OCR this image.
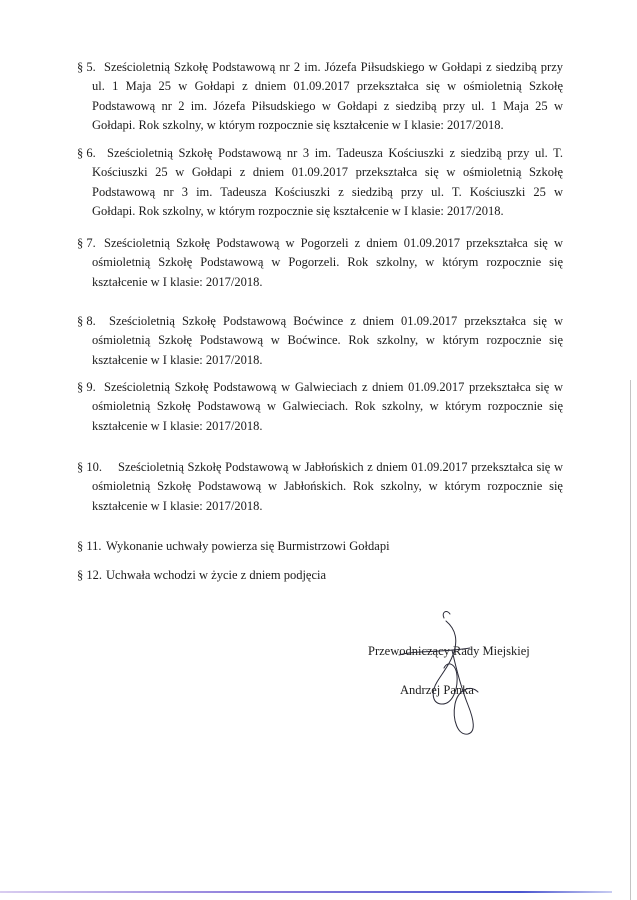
§ 5. Sześcioletnią Szkołę Podstawową nr 2 im. Józefa Piłsudskiego w Gołdapi z siedzibą przy
ul. 1 Maja 25 w Gołdapi z dniem 01.09.2017 przekształca się w ośmioletnią Szkołę
Podstawową nr 2 im. Józefa Piłsudskiego w Gołdapi z siedzibą przy ul. 1 Maja 25 w
Gołdapi. Rok szkolny, w którym rozpocznie się kształcenie w I klasie: 2017/2018.
§ 6. Sześcioletnią Szkołę Podstawową nr 3 im. Tadeusza Kościuszki z siedzibą przy ul. T.
Kościuszki 25 w Gołdapi z dniem 01.09.2017 przekształca się w ośmioletnią Szkołę
Podstawową nr 3 im. Tadeusza Kościuszki z siedzibą przy ul. T. Kościuszki 25 w
Gołdapi. Rok szkolny, w którym rozpocznie się kształcenie w I klasie: 2017/2018.
§ 7. Sześcioletnią Szkołę Podstawową w Pogorzeli z dniem 01.09.2017 przekształca się w
ośmioletnią Szkołę Podstawową w Pogorzeli. Rok szkolny, w którym rozpocznie się
kształcenie w I klasie: 2017/2018.
§ 8.	Sześcioletnią Szkołę Podstawową Boćwince z dniem 01.09.2017 przekształca się w
ośmioletnią Szkołę Podstawową w Boćwince. Rok szkolny, w którym rozpocznie się
kształcenie w I klasie: 2017/2018.
§ 9. Sześcioletnią Szkołę Podstawową w Galwieciach z dniem 01.09.2017 przekształca się w
ośmioletnią Szkołę Podstawową w Galwieciach. Rok szkolny, w którym rozpocznie się
kształcenie w I klasie: 2017/2018.
§ 10.	Sześcioletnią Szkołę Podstawową w Jabłońskich z dniem 01.09.2017 przekształca się w
ośmioletnią Szkołę Podstawową w Jabłońskich. Rok szkolny, w którym rozpocznie się
kształcenie w I klasie: 2017/2018.
§ 11. Wykonanie uchwały powierza się Burmistrzowi Gołdapi
§ 12. Uchwała wchodzi w życie z dniem podjęcia
Przewodniczący Rady Miejskiej
Andrzej Panka
